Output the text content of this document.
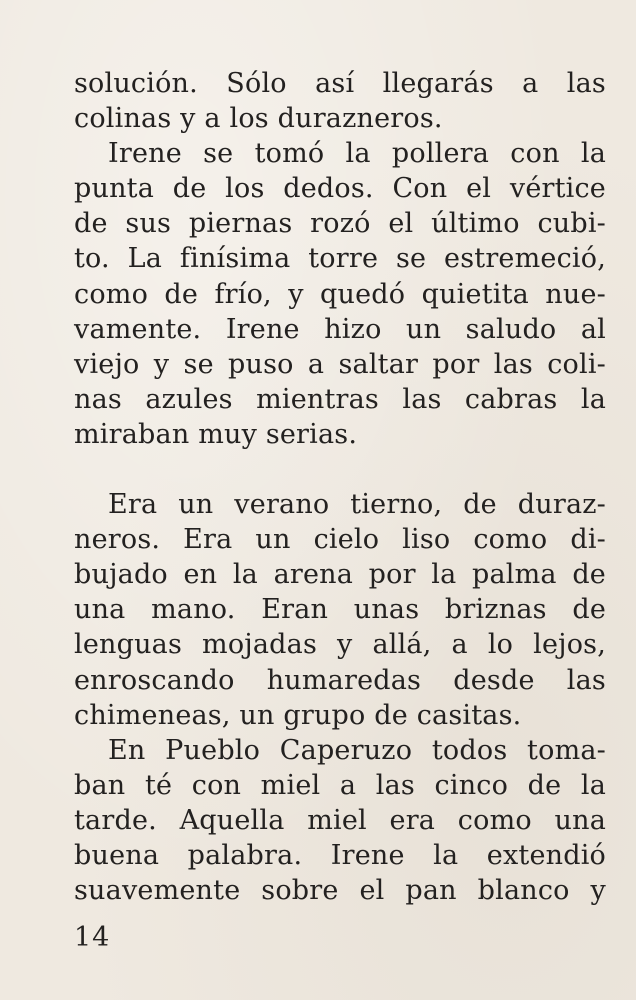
solución. Sólo así llegarás a las
colinas y a los durazneros.
Irene se tomó la pollera con la
punta de los dedos. Con el vértice
de sus piernas rozó el último cubi-
to. La finísima torre se estremeció,
como de frío, y quedó quietita nue-
vamente. Irene hizo un saludo al
viejo y se puso a saltar por las coli-
nas azules mientras las cabras la
miraban muy serias.
Era un verano tierno, de duraz-
neros. Era un cielo liso como di-
bujado en la arena por la palma de
una mano. Eran unas briznas de
lenguas mojadas y allá, a lo lejos,
enroscando humaredas desde las
chimeneas, un grupo de casitas.
En Pueblo Caperuzo todos toma-
ban té con miel a las cinco de la
tarde. Aquella miel era como una
buena palabra. Irene la extendió
suavemente sobre el pan blanco y
14
